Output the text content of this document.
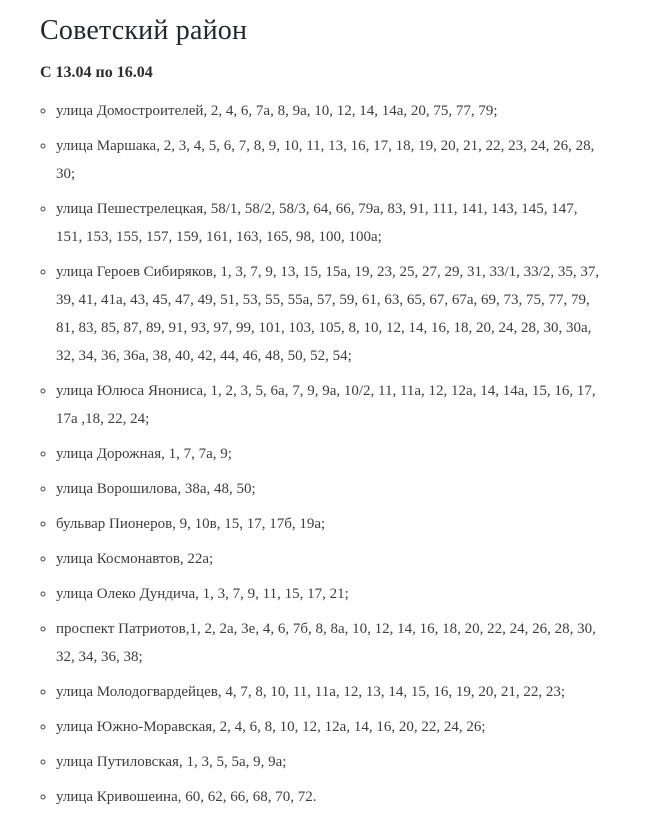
Советский район

С 13.04 по 16.04

◦ улица Домостроителей, 2, 4, 6, 7а, 8, 9а, 10, 12, 14, 14а, 20, 75, 77, 79;
◦ улица Маршака, 2, 3, 4, 5, 6, 7, 8, 9, 10, 11, 13, 16, 17, 18, 19, 20, 21, 22, 23, 24, 26, 28, 30;
◦ улица Пешестрелецкая, 58/1, 58/2, 58/3, 64, 66, 79а, 83, 91, 111, 141, 143, 145, 147, 151, 153, 155, 157, 159, 161, 163, 165, 98, 100, 100а;
◦ улица Героев Сибиряков, 1, 3, 7, 9, 13, 15, 15а, 19, 23, 25, 27, 29, 31, 33/1, 33/2, 35, 37, 39, 41, 41а, 43, 45, 47, 49, 51, 53, 55, 55а, 57, 59, 61, 63, 65, 67, 67а, 69, 73, 75, 77, 79, 81, 83, 85, 87, 89, 91, 93, 97, 99, 101, 103, 105, 8, 10, 12, 14, 16, 18, 20, 24, 28, 30, 30а, 32, 34, 36, 36а, 38, 40, 42, 44, 46, 48, 50, 52, 54;
◦ улица Юлюса Янониса, 1, 2, 3, 5, 6а, 7, 9, 9а, 10/2, 11, 11а, 12, 12а, 14, 14а, 15, 16, 17, 17а ,18, 22, 24;
◦ улица Дорожная, 1, 7, 7а, 9;
◦ улица Ворошилова, 38а, 48, 50;
◦ бульвар Пионеров, 9, 10в, 15, 17, 17б, 19а;
◦ улица Космонавтов, 22а;
◦ улица Олеко Дундича, 1, 3, 7, 9, 11, 15, 17, 21;
◦ проспект Патриотов,1, 2, 2а, 3е, 4, 6, 7б, 8, 8а, 10, 12, 14, 16, 18, 20, 22, 24, 26, 28, 30, 32, 34, 36, 38;
◦ улица Молодогвардейцев, 4, 7, 8, 10, 11, 11а, 12, 13, 14, 15, 16, 19, 20, 21, 22, 23;
◦ улица Южно-Моравская, 2, 4, 6, 8, 10, 12, 12а, 14, 16, 20, 22, 24, 26;
◦ улица Путиловская, 1, 3, 5, 5а, 9, 9а;
◦ улица Кривошеина, 60, 62, 66, 68, 70, 72.
